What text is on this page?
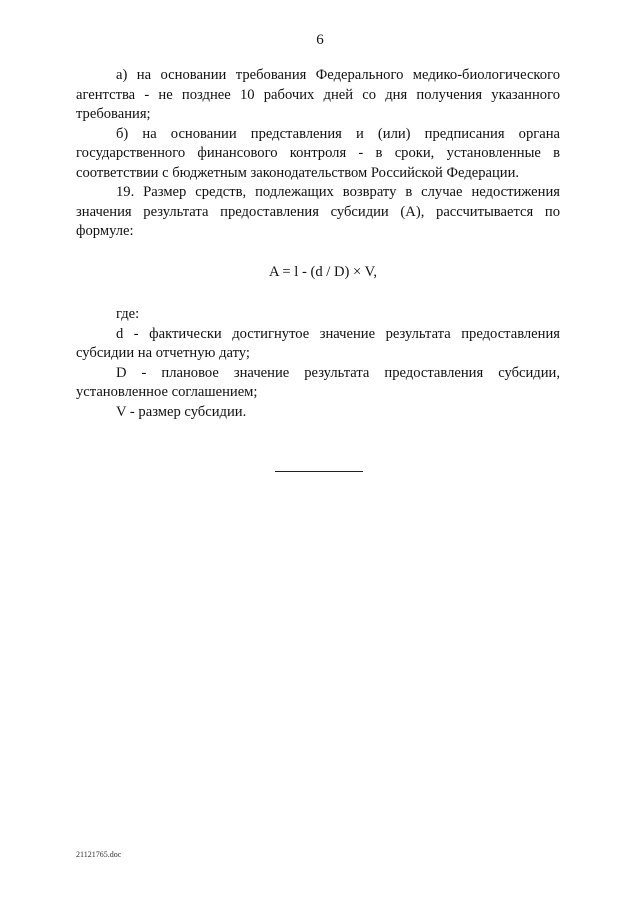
6

а) на основании требования Федерального медико-биологического агентства - не позднее 10 рабочих дней со дня получения указанного требования;

б) на основании представления и (или) предписания органа государственного финансового контроля - в сроки, установленные в соответствии с бюджетным законодательством Российской Федерации.

19. Размер средств, подлежащих возврату в случае недостижения значения результата предоставления субсидии (A), рассчитывается по формуле:

A = l - (d / D) × V,

где:

d - фактически достигнутое значение результата предоставления субсидии на отчетную дату;

D - плановое значение результата предоставления субсидии, установленное соглашением;

V - размер субсидии.

21121765.doc
